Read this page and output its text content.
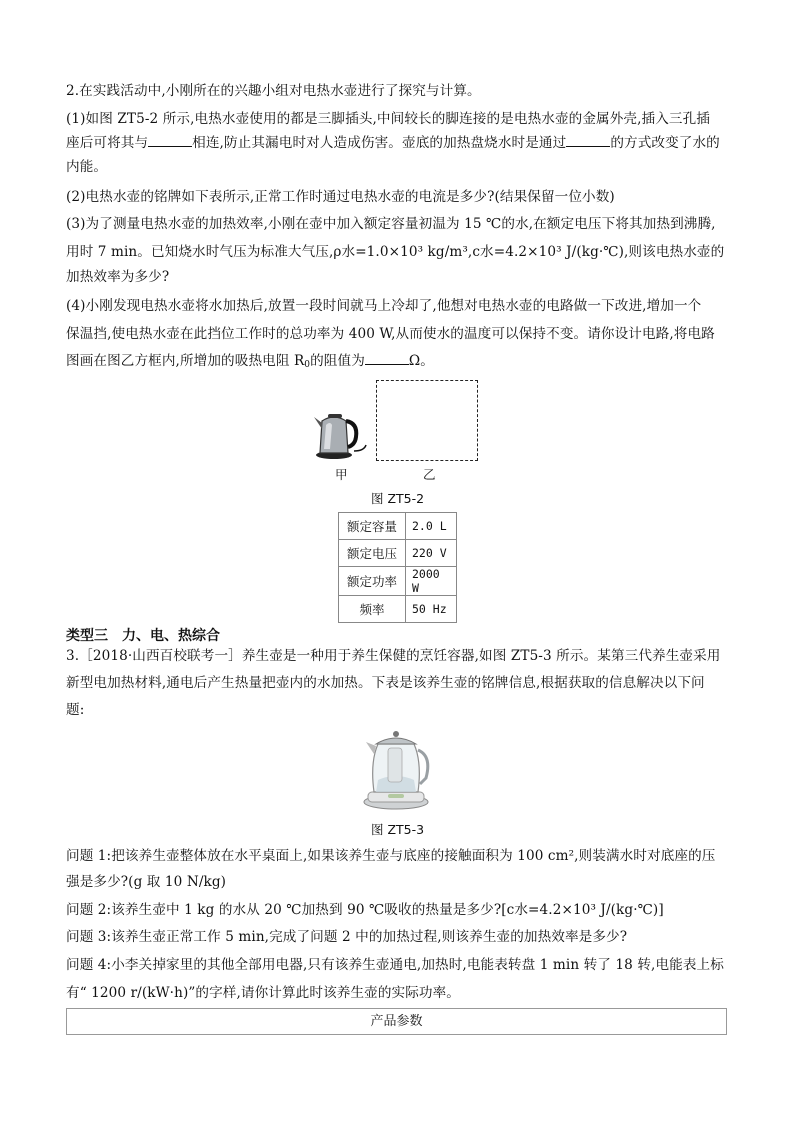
2.在实践活动中,小刚所在的兴趣小组对电热水壶进行了探究与计算。
(1)如图 ZT5-2 所示,电热水壶使用的都是三脚插头,中间较长的脚连接的是电热水壶的金属外壳,插入三孔插
座后可将其与	相连,防止其漏电时对人造成伤害。壶底的加热盘烧水时是通过	的方式改变了水的
内能。
(2)电热水壶的铭牌如下表所示,正常工作时通过电热水壶的电流是多少?(结果保留一位小数)
(3)为了测量电热水壶的加热效率,小刚在壶中加入额定容量初温为 15 ℃的水,在额定电压下将其加热到沸腾,
用时 7 min。已知烧水时气压为标准大气压,ρ水=1.0×10³ kg/m³,c水=4.2×10³ J/(kg·℃),则该电热水壶的
加热效率为多少?
(4)小刚发现电热水壶将水加热后,放置一段时间就马上冷却了,他想对电热水壶的电路做一下改进,增加一个
保温挡,使电热水壶在此挡位工作时的总功率为 400 W,从而使水的温度可以保持不变。请你设计电路,将电路
图画在图乙方框内,所增加的吸热电阻 $R_0$的阻值为	Ω。
甲	乙
图 ZT5-2
额定容量	2.0 L
额定电压	220 V
额定功率	2000 W
频率	50 Hz
类型三　力、电、热综合
3.［2018·山西百校联考一］养生壶是一种用于养生保健的烹饪容器,如图 ZT5-3 所示。某第三代养生壶采用
新型电加热材料,通电后产生热量把壶内的水加热。下表是该养生壶的铭牌信息,根据获取的信息解决以下问
题:
图 ZT5-3
问题 1:把该养生壶整体放在水平桌面上,如果该养生壶与底座的接触面积为 100 cm²,则装满水时对底座的压
强是多少?(g 取 10 N/kg)
问题 2:该养生壶中 1 kg 的水从 20 ℃加热到 90 ℃吸收的热量是多少?[c水=4.2×10³ J/(kg·℃)]
问题 3:该养生壶正常工作 5 min,完成了问题 2 中的加热过程,则该养生壶的加热效率是多少?
问题 4:小李关掉家里的其他全部用电器,只有该养生壶通电,加热时,电能表转盘 1 min 转了 18 转,电能表上标
有“ 1200 r/(kW·h)”的字样,请你计算此时该养生壶的实际功率。
产品参数
